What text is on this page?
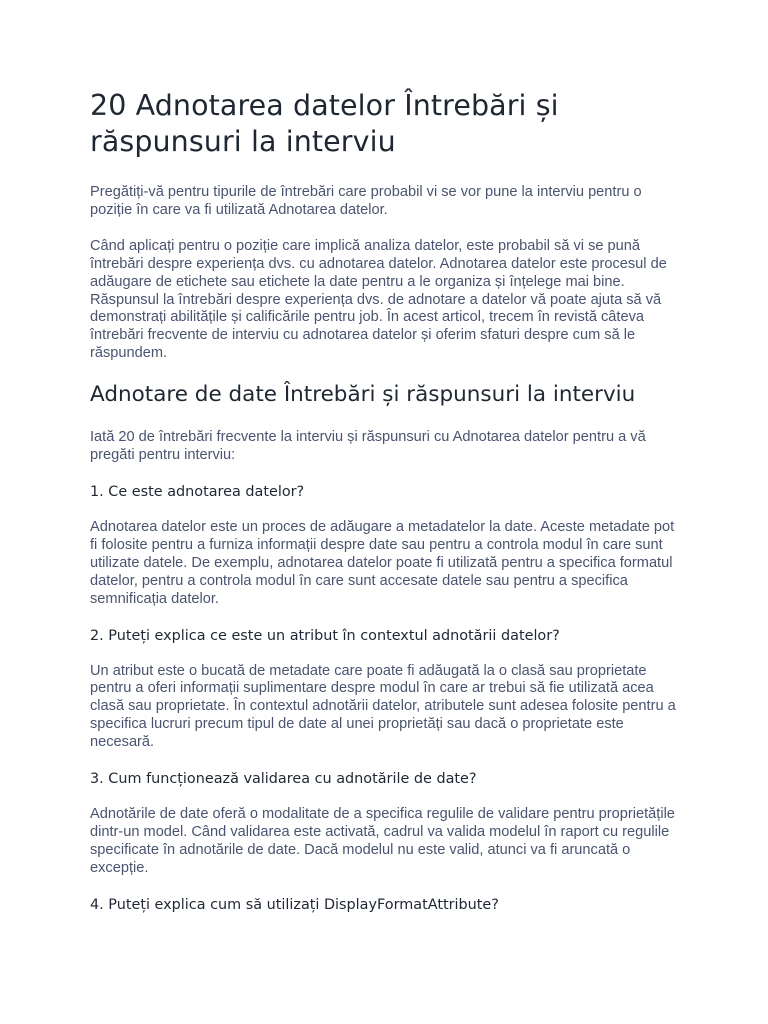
20 Adnotarea datelor Întrebări și răspunsuri la interviu

Pregătiți-vă pentru tipurile de întrebări care probabil vi se vor pune la interviu pentru o poziție în care va fi utilizată Adnotarea datelor.

Când aplicați pentru o poziție care implică analiza datelor, este probabil să vi se pună întrebări despre experiența dvs. cu adnotarea datelor. Adnotarea datelor este procesul de adăugare de etichete sau etichete la date pentru a le organiza și înțelege mai bine. Răspunsul la întrebări despre experiența dvs. de adnotare a datelor vă poate ajuta să vă demonstrați abilitățile și calificările pentru job. În acest articol, trecem în revistă câteva întrebări frecvente de interviu cu adnotarea datelor și oferim sfaturi despre cum să le răspundem.

Adnotare de date Întrebări și răspunsuri la interviu

Iată 20 de întrebări frecvente la interviu și răspunsuri cu Adnotarea datelor pentru a vă pregăti pentru interviu:

1. Ce este adnotarea datelor?

Adnotarea datelor este un proces de adăugare a metadatelor la date. Aceste metadate pot fi folosite pentru a furniza informații despre date sau pentru a controla modul în care sunt utilizate datele. De exemplu, adnotarea datelor poate fi utilizată pentru a specifica formatul datelor, pentru a controla modul în care sunt accesate datele sau pentru a specifica semnificația datelor.

2. Puteți explica ce este un atribut în contextul adnotării datelor?

Un atribut este o bucată de metadate care poate fi adăugată la o clasă sau proprietate pentru a oferi informații suplimentare despre modul în care ar trebui să fie utilizată acea clasă sau proprietate. În contextul adnotării datelor, atributele sunt adesea folosite pentru a specifica lucruri precum tipul de date al unei proprietăți sau dacă o proprietate este necesară.

3. Cum funcționează validarea cu adnotările de date?

Adnotările de date oferă o modalitate de a specifica regulile de validare pentru proprietățile dintr-un model. Când validarea este activată, cadrul va valida modelul în raport cu regulile specificate în adnotările de date. Dacă modelul nu este valid, atunci va fi aruncată o excepție.

4. Puteți explica cum să utilizați DisplayFormatAttribute?
